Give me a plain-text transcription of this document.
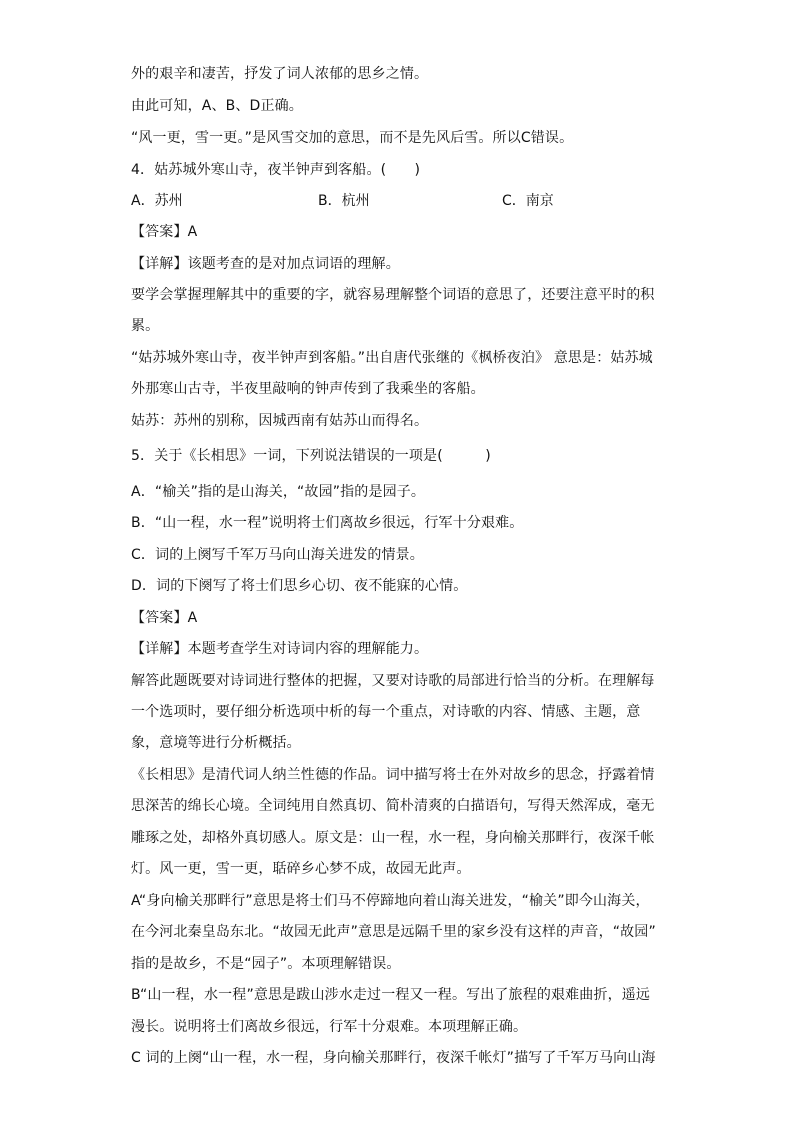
外的艰辛和凄苦，抒发了词人浓郁的思乡之情。
由此可知，A、B、D正确。
“风一更，雪一更。”是风雪交加的意思，而不是先风后雪。所以C错误。
4．姑苏城外寒山寺，夜半钟声到客船。(　　)
A．苏州	B．杭州	C．南京
【答案】A
【详解】该题考查的是对加点词语的理解。
要学会掌握理解其中的重要的字，就容易理解整个词语的意思了，还要注意平时的积
累。
“姑苏城外寒山寺，夜半钟声到客船。”出自唐代张继的《枫桥夜泊》 意思是：姑苏城
外那寒山古寺，半夜里敲响的钟声传到了我乘坐的客船。
姑苏：苏州的别称，因城西南有姑苏山而得名。
5．关于《长相思》一词，下列说法错误的一项是(　　　)
A．“榆关”指的是山海关，“故园”指的是园子。
B．“山一程，水一程”说明将士们离故乡很远，行军十分艰难。
C．词的上阕写千军万马向山海关进发的情景。
D．词的下阕写了将士们思乡心切、夜不能寐的心情。
【答案】A
【详解】本题考查学生对诗词内容的理解能力。
解答此题既要对诗词进行整体的把握，又要对诗歌的局部进行恰当的分析。在理解每
一个选项时，要仔细分析选项中析的每一个重点，对诗歌的内容、情感、主题，意
象，意境等进行分析概括。
《长相思》是清代词人纳兰性德的作品。词中描写将士在外对故乡的思念，抒露着情
思深苦的绵长心境。全词纯用自然真切、简朴清爽的白描语句，写得天然浑成，毫无
雕琢之处，却格外真切感人。原文是：山一程，水一程，身向榆关那畔行，夜深千帐
灯。风一更，雪一更，聒碎乡心梦不成，故园无此声。
A“身向榆关那畔行”意思是将士们马不停蹄地向着山海关进发，“榆关”即今山海关，
在今河北秦皇岛东北。“故园无此声”意思是远隔千里的家乡没有这样的声音，“故园”
指的是故乡，不是“园子”。本项理解错误。
B“山一程，水一程”意思是跋山涉水走过一程又一程。写出了旅程的艰难曲折，遥远
漫长。说明将士们离故乡很远，行军十分艰难。本项理解正确。
C 词的上阕“山一程，水一程，身向榆关那畔行，夜深千帐灯”描写了千军万马向山海
